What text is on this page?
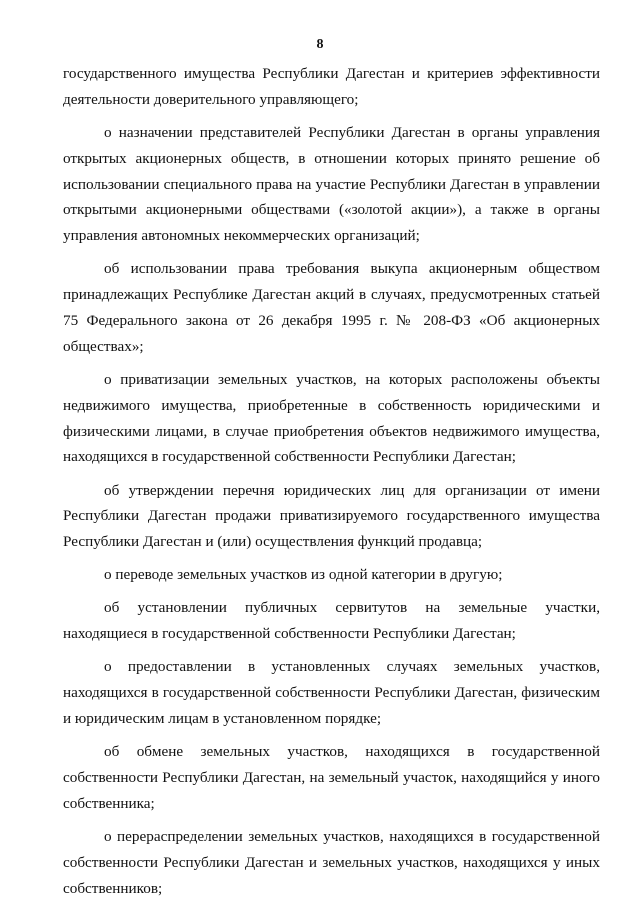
8

государственного имущества Республики Дагестан и критериев эффективности
деятельности доверительного управляющего;

о назначении представителей Республики Дагестан в органы управления
открытых акционерных обществ, в отношении которых принято решение об
использовании специального права на участие Республики Дагестан в управлении
открытыми акционерными обществами («золотой акции»), а также в органы
управления автономных некоммерческих организаций;

об использовании права требования выкупа акционерным обществом
принадлежащих Республике Дагестан акций в случаях, предусмотренных статьей
75 Федерального закона от 26 декабря 1995 г. № 208-ФЗ «Об акционерных
обществах»;

о приватизации земельных участков, на которых расположены объекты
недвижимого имущества, приобретенные в собственность юридическими и
физическими лицами, в случае приобретения объектов недвижимого имущества,
находящихся в государственной собственности Республики Дагестан;

об утверждении перечня юридических лиц для организации от имени
Республики Дагестан продажи приватизируемого государственного имущества
Республики Дагестан и (или) осуществления функций продавца;

о переводе земельных участков из одной категории в другую;

об установлении публичных сервитутов на земельные участки,
находящиеся в государственной собственности Республики Дагестан;

о предоставлении в установленных случаях земельных участков,
находящихся в государственной собственности Республики Дагестан, физическим
и юридическим лицам в установленном порядке;

об обмене земельных участков, находящихся в государственной
собственности Республики Дагестан, на земельный участок, находящийся у иного
собственника;

о перераспределении земельных участков, находящихся в государственной
собственности Республики Дагестан и земельных участков, находящихся у иных
собственников;
